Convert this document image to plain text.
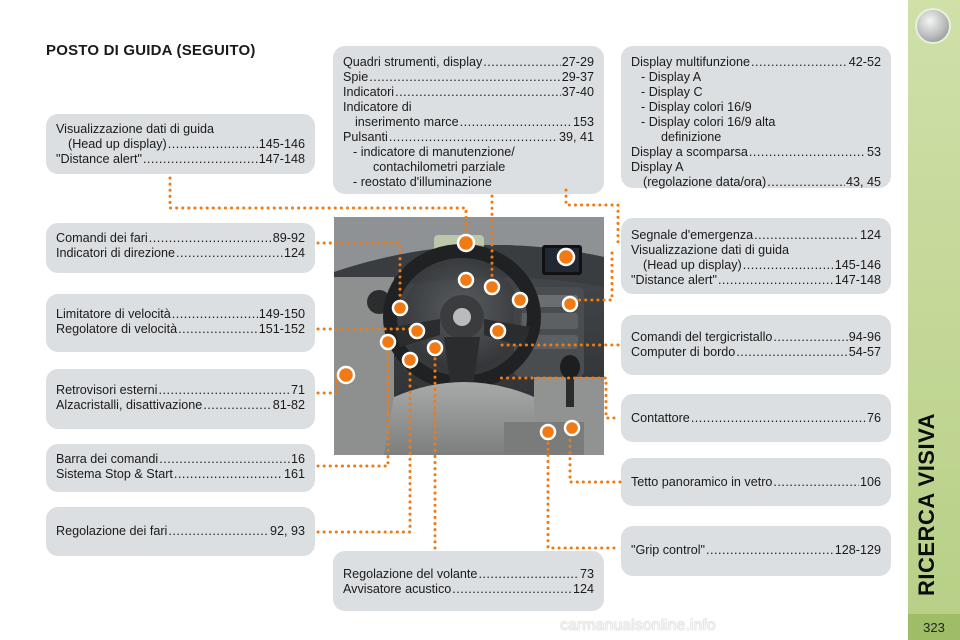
POSTO DI GUIDA (SEGUITO)
Visualizzazione dati di guida
(Head up display) .....	145-146
"Distance alert" .....	147-148
Comandi dei fari .....	89-92
Indicatori di direzione .....	124
Limitatore di velocità .....	149-150
Regolatore di velocità .....	151-152
Retrovisori esterni .....	71
Alzacristalli, disattivazione .....	81-82
Barra dei comandi .....	16
Sistema Stop & Start .....	161
Regolazione dei fari .....	92, 93
Quadri strumenti, display .....	27-29
Spie .....	29-37
Indicatori .....	37-40
Indicatore di
inserimento marce .....	153
Pulsanti .....	39, 41
- indicatore di manutenzione/
contachilometri parziale
- reostato d'illuminazione
Regolazione del volante .....	73
Avvisatore acustico .....	124
Display multifunzione .....	42-52
- Display A
- Display C
- Display colori 16/9
- Display colori 16/9 alta
definizione
Display a scomparsa .....	53
Display A
(regolazione data/ora) .....	43, 45
Segnale d'emergenza .....	124
Visualizzazione dati di guida
(Head up display) .....	145-146
"Distance alert" .....	147-148
Comandi del tergicristallo .....	94-96
Computer di bordo .....	54-57
Contattore .....	76
Tetto panoramico in vetro .....	106
"Grip control" .....	128-129 RICERCA VISIVA
323
carmanualsonline.info
